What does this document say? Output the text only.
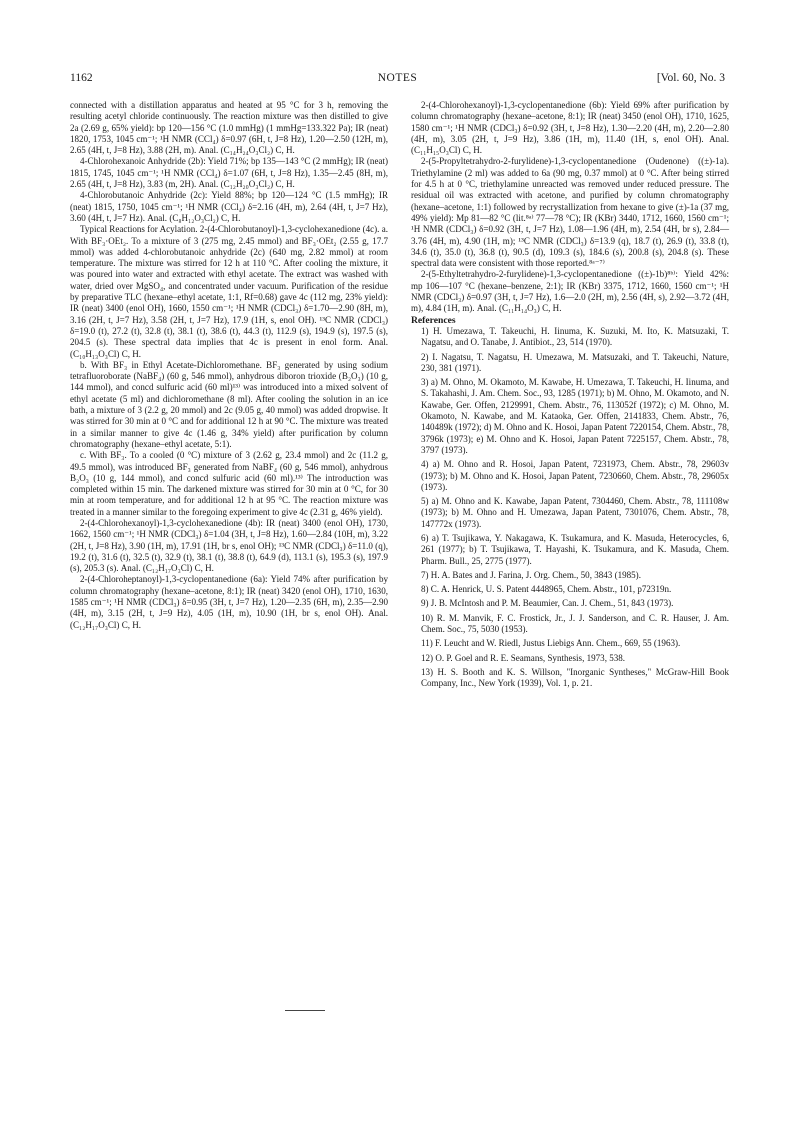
1162	NOTES	[Vol. 60, No. 3

connected with a distillation apparatus and heated at 95 °C for 3 h, removing the resulting acetyl chloride continuously. The reaction mixture was then distilled to give 2a (2.69 g, 65% yield): bp 120—156 °C (1.0 mmHg) (1 mmHg=133.322 Pa); IR (neat) 1820, 1753, 1045 cm⁻¹; ¹H NMR (CCl₄) δ=0.97 (6H, t, J=8 Hz), 1.20—2.50 (12H, m), 2.65 (4H, t, J=8 Hz), 3.88 (2H, m). Anal. (C₁₄H₂₄O₃Cl₂) C, H.

4-Chlorohexanoic Anhydride (2b): Yield 71%; bp 135—143 °C (2 mmHg); IR (neat) 1815, 1745, 1045 cm⁻¹; ¹H NMR (CCl₄) δ=1.07 (6H, t, J=8 Hz), 1.35—2.45 (8H, m), 2.65 (4H, t, J=8 Hz), 3.83 (m, 2H). Anal. (C₁₂H₂₀O₃Cl₂) C, H.

4-Chlorobutanoic Anhydride (2c): Yield 88%; bp 120—124 °C (1.5 mmHg); IR (neat) 1815, 1750, 1045 cm⁻¹; ¹H NMR (CCl₄) δ=2.16 (4H, m), 2.64 (4H, t, J=7 Hz), 3.60 (4H, t, J=7 Hz). Anal. (C₈H₁₂O₃Cl₂) C, H.

Typical Reactions for Acylation. 2-(4-Chlorobutanoyl)-1,3-cyclohexanedione (4c). a. With BF₃·OEt₂. To a mixture of 3 (275 mg, 2.45 mmol) and BF₃·OEt₂ (2.55 g, 17.7 mmol) was added 4-chlorobutanoic anhydride (2c) (640 mg, 2.82 mmol) at room temperature. The mixture was stirred for 12 h at 110 °C. After cooling the mixture, it was poured into water and extracted with ethyl acetate. The extract was washed with water, dried over MgSO₄, and concentrated under vacuum. Purification of the residue by preparative TLC (hexane–ethyl acetate, 1:1, Rf=0.68) gave 4c (112 mg, 23% yield): IR (neat) 3400 (enol OH), 1660, 1550 cm⁻¹; ¹H NMR (CDCl₃) δ=1.70—2.90 (8H, m), 3.16 (2H, t, J=7 Hz), 3.58 (2H, t, J=7 Hz), 17.9 (1H, s, enol OH). ¹³C NMR (CDCl₃) δ=19.0 (t), 27.2 (t), 32.8 (t), 38.1 (t), 38.6 (t), 44.3 (t), 112.9 (s), 194.9 (s), 197.5 (s), 204.5 (s). These spectral data implies that 4c is present in enol form. Anal. (C₁₀H₁₃O₃Cl) C, H.

b. With BF₃ in Ethyl Acetate-Dichloromethane. BF₃ generated by using sodium tetrafluoroborate (NaBF₄) (60 g, 546 mmol), anhydrous diboron trioxide (B₂O₃) (10 g, 144 mmol), and concd sulfuric acid (60 ml)¹³⁾ was introduced into a mixed solvent of ethyl acetate (5 ml) and dichloromethane (8 ml). After cooling the solution in an ice bath, a mixture of 3 (2.2 g, 20 mmol) and 2c (9.05 g, 40 mmol) was added dropwise. It was stirred for 30 min at 0 °C and for additional 12 h at 90 °C. The mixture was treated in a similar manner to give 4c (1.46 g, 34% yield) after purification by column chromatography (hexane–ethyl acetate, 5:1).

c. With BF₃. To a cooled (0 °C) mixture of 3 (2.62 g, 23.4 mmol) and 2c (11.2 g, 49.5 mmol), was introduced BF₃ generated from NaBF₄ (60 g, 546 mmol), anhydrous B₂O₃ (10 g, 144 mmol), and concd sulfuric acid (60 ml).¹³⁾ The introduction was completed within 15 min. The darkened mixture was stirred for 30 min at 0 °C, for 30 min at room temperature, and for additional 12 h at 95 °C. The reaction mixture was treated in a manner similar to the foregoing experiment to give 4c (2.31 g, 46% yield).

2-(4-Chlorohexanoyl)-1,3-cyclohexanedione (4b): IR (neat) 3400 (enol OH), 1730, 1662, 1560 cm⁻¹; ¹H NMR (CDCl₃) δ=1.04 (3H, t, J=8 Hz), 1.60—2.84 (10H, m), 3.22 (2H, t, J=8 Hz), 3.90 (1H, m), 17.91 (1H, br s, enol OH); ¹³C NMR (CDCl₃) δ=11.0 (q), 19.2 (t), 31.6 (t), 32.5 (t), 32.9 (t), 38.1 (t), 38.8 (t), 64.9 (d), 113.1 (s), 195.3 (s), 197.9 (s), 205.3 (s). Anal. (C₁₂H₁₇O₃Cl) C, H.

2-(4-Chloroheptanoyl)-1,3-cyclopentanedione (6a): Yield 74% after purification by column chromatography (hexane–acetone, 8:1); IR (neat) 3420 (enol OH), 1710, 1630, 1585 cm⁻¹; ¹H NMR (CDCl₃) δ=0.95 (3H, t, J=7 Hz), 1.20—2.35 (6H, m), 2.35—2.90 (4H, m), 3.15 (2H, t, J=9 Hz), 4.05 (1H, m), 10.90 (1H, br s, enol OH). Anal. (C₁₂H₁₇O₃Cl) C, H.

2-(4-Chlorohexanoyl)-1,3-cyclopentanedione (6b): Yield 69% after purification by column chromatography (hexane–acetone, 8:1); IR (neat) 3450 (enol OH), 1710, 1625, 1580 cm⁻¹; ¹H NMR (CDCl₃) δ=0.92 (3H, t, J=8 Hz), 1.30—2.20 (4H, m), 2.20—2.80 (4H, m), 3.05 (2H, t, J=9 Hz), 3.86 (1H, m), 11.40 (1H, s, enol OH). Anal. (C₁₁H₁₅O₃Cl) C, H.

2-(5-Propyltetrahydro-2-furylidene)-1,3-cyclopentanedione (Oudenone) ((±)-1a). Triethylamine (2 ml) was added to 6a (90 mg, 0.37 mmol) at 0 °C. After being stirred for 4.5 h at 0 °C, triethylamine unreacted was removed under reduced pressure. The residual oil was extracted with acetone, and purified by column chromatography (hexane–acetone, 1:1) followed by recrystallization from hexane to give (±)-1a (37 mg, 49% yield): Mp 81—82 °C (lit.⁸ᵃ⁾ 77—78 °C); IR (KBr) 3440, 1712, 1660, 1560 cm⁻¹; ¹H NMR (CDCl₃) δ=0.92 (3H, t, J=7 Hz), 1.08—1.96 (4H, m), 2.54 (4H, br s), 2.84—3.76 (4H, m), 4.90 (1H, m); ¹³C NMR (CDCl₃) δ=13.9 (q), 18.7 (t), 26.9 (t), 33.8 (t), 34.6 (t), 35.0 (t), 36.8 (t), 90.5 (d), 109.3 (s), 184.6 (s), 200.8 (s), 204.8 (s). These spectral data were consistent with those reported.⁸ᵃ⁻⁷⁾

2-(5-Ethyltetrahydro-2-furylidene)-1,3-cyclopentanedione ((±)-1b)⁸ᵇ⁾: Yield 42%: mp 106—107 °C (hexane–benzene, 2:1); IR (KBr) 3375, 1712, 1660, 1560 cm⁻¹; ¹H NMR (CDCl₃) δ=0.97 (3H, t, J=7 Hz), 1.6—2.0 (2H, m), 2.56 (4H, s), 2.92—3.72 (4H, m), 4.84 (1H, m). Anal. (C₁₁H₁₄O₃) C, H.

References

1) H. Umezawa, T. Takeuchi, H. Iinuma, K. Suzuki, M. Ito, K. Matsuzaki, T. Nagatsu, and O. Tanabe, J. Antibiot., 23, 514 (1970).

2) I. Nagatsu, T. Nagatsu, H. Umezawa, M. Matsuzaki, and T. Takeuchi, Nature, 230, 381 (1971).

3) a) M. Ohno, M. Okamoto, M. Kawabe, H. Umezawa, T. Takeuchi, H. Iinuma, and S. Takahashi, J. Am. Chem. Soc., 93, 1285 (1971); b) M. Ohno, M. Okamoto, and N. Kawabe, Ger. Offen, 2129991, Chem. Abstr., 76, 113052f (1972); c) M. Ohno, M. Okamoto, N. Kawabe, and M. Kataoka, Ger. Offen, 2141833, Chem. Abstr., 76, 140489k (1972); d) M. Ohno and K. Hosoi, Japan Patent 7220154, Chem. Abstr., 78, 3796k (1973); e) M. Ohno and K. Hosoi, Japan Patent 7225157, Chem. Abstr., 78, 3797 (1973).

4) a) M. Ohno and R. Hosoi, Japan Patent, 7231973, Chem. Abstr., 78, 29603v (1973); b) M. Ohno and K. Hosoi, Japan Patent, 7230660, Chem. Abstr., 78, 29605x (1973).

5) a) M. Ohno and K. Kawabe, Japan Patent, 7304460, Chem. Abstr., 78, 111108w (1973); b) M. Ohno and H. Umezawa, Japan Patent, 7301076, Chem. Abstr., 78, 147772x (1973).

6) a) T. Tsujikawa, Y. Nakagawa, K. Tsukamura, and K. Masuda, Heterocycles, 6, 261 (1977); b) T. Tsujikawa, T. Hayashi, K. Tsukamura, and K. Masuda, Chem. Pharm. Bull., 25, 2775 (1977).

7) H. A. Bates and J. Farina, J. Org. Chem., 50, 3843 (1985).

8) C. A. Henrick, U. S. Patent 4448965, Chem. Abstr., 101, p72319n.

9) J. B. McIntosh and P. M. Beaumier, Can. J. Chem., 51, 843 (1973).

10) R. M. Manvik, F. C. Frostick, Jr., J. J. Sanderson, and C. R. Hauser, J. Am. Chem. Soc., 75, 5030 (1953).

11) F. Leucht and W. Riedl, Justus Liebigs Ann. Chem., 669, 55 (1963).

12) O. P. Goel and R. E. Seamans, Synthesis, 1973, 538.

13) H. S. Booth and K. S. Willson, "Inorganic Syntheses," McGraw-Hill Book Company, Inc., New York (1939), Vol. 1, p. 21.
